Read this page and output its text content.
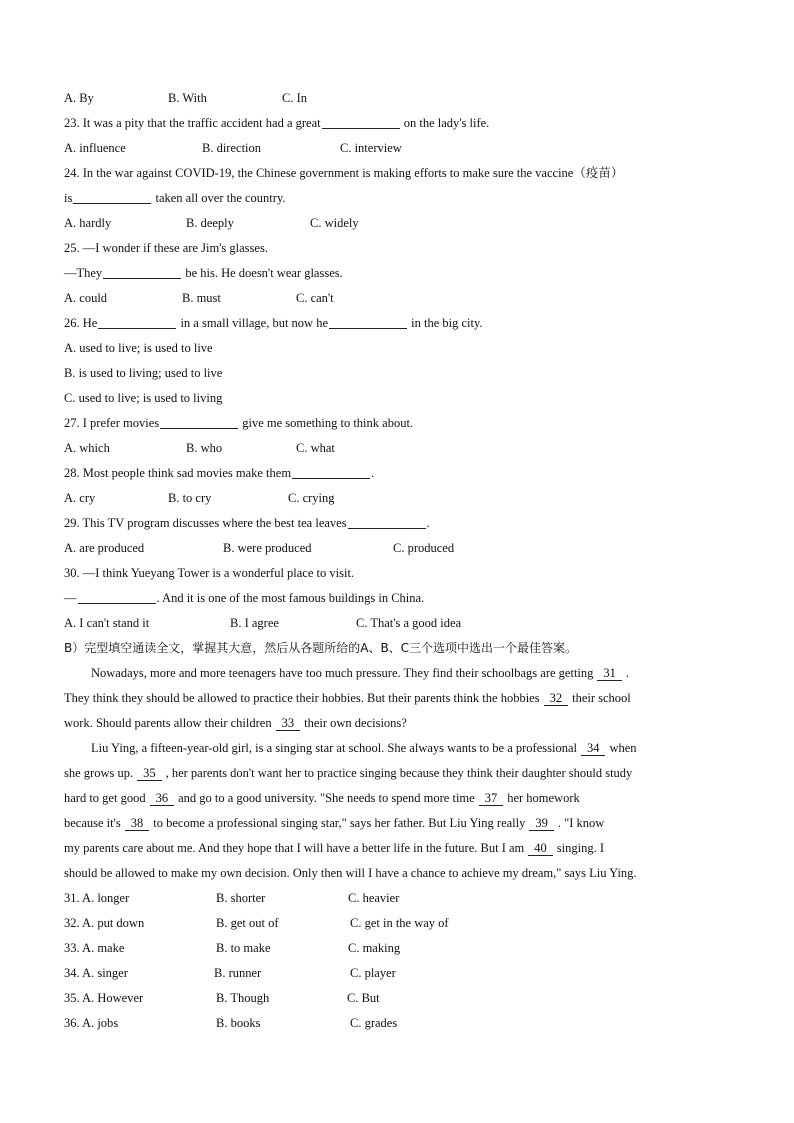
A. By	B. With	C. In
23. It was a pity that the traffic accident had a great	on the lady's life.
A. influence	B. direction	C. interview
24. In the war against COVID-19, the Chinese government is making efforts to make sure the vaccine（疫苗）
is	taken all over the country.
A. hardly	B. deeply	C. widely
25. —I wonder if these are Jim's glasses.
—They	be his. He doesn't wear glasses.
A. could	B. must	C. can't
26. He	in a small village, but now he	in the big city.
A. used to live; is used to live
B. is used to living; used to live
C. used to live; is used to living
27. I prefer movies	give me something to think about.
A. which	B. who	C. what
28. Most people think sad movies make them	.
A. cry	B. to cry	C. crying
29. This TV program discusses where the best tea leaves	.
A. are produced	B. were produced	C. produced
30. —I think Yueyang Tower is a wonderful place to visit.
—	. And it is one of the most famous buildings in China.
A. I can't stand it	B. I agree	C. That's a good idea
B）完型填空通读全文，掌握其大意，然后从各题所给的A、B、C三个选项中选出一个最佳答案。
Nowadays, more and more teenagers have too much pressure. They find their schoolbags are getting 31 .
They think they should be allowed to practice their hobbies. But their parents think the hobbies 32 their school
work. Should parents allow their children 33 their own decisions?
Liu Ying, a fifteen-year-old girl, is a singing star at school. She always wants to be a professional 34 when
she grows up. 35 , her parents don't want her to practice singing because they think their daughter should study
hard to get good 36 and go to a good university. "She needs to spend more time 37 her homework
because it's 38 to become a professional singing star," says her father. But Liu Ying really 39 . "I know
my parents care about me. And they hope that I will have a better life in the future. But I am 40 singing. I
should be allowed to make my own decision. Only then will I have a chance to achieve my dream," says Liu Ying.
31. A. longer	B. shorter	C. heavier
32. A. put down	B. get out of	C. get in the way of
33. A. make	B. to make	C. making
34. A. singer	B. runner	C. player
35. A. However	B. Though	C. But
36. A. jobs	B. books	C. grades
